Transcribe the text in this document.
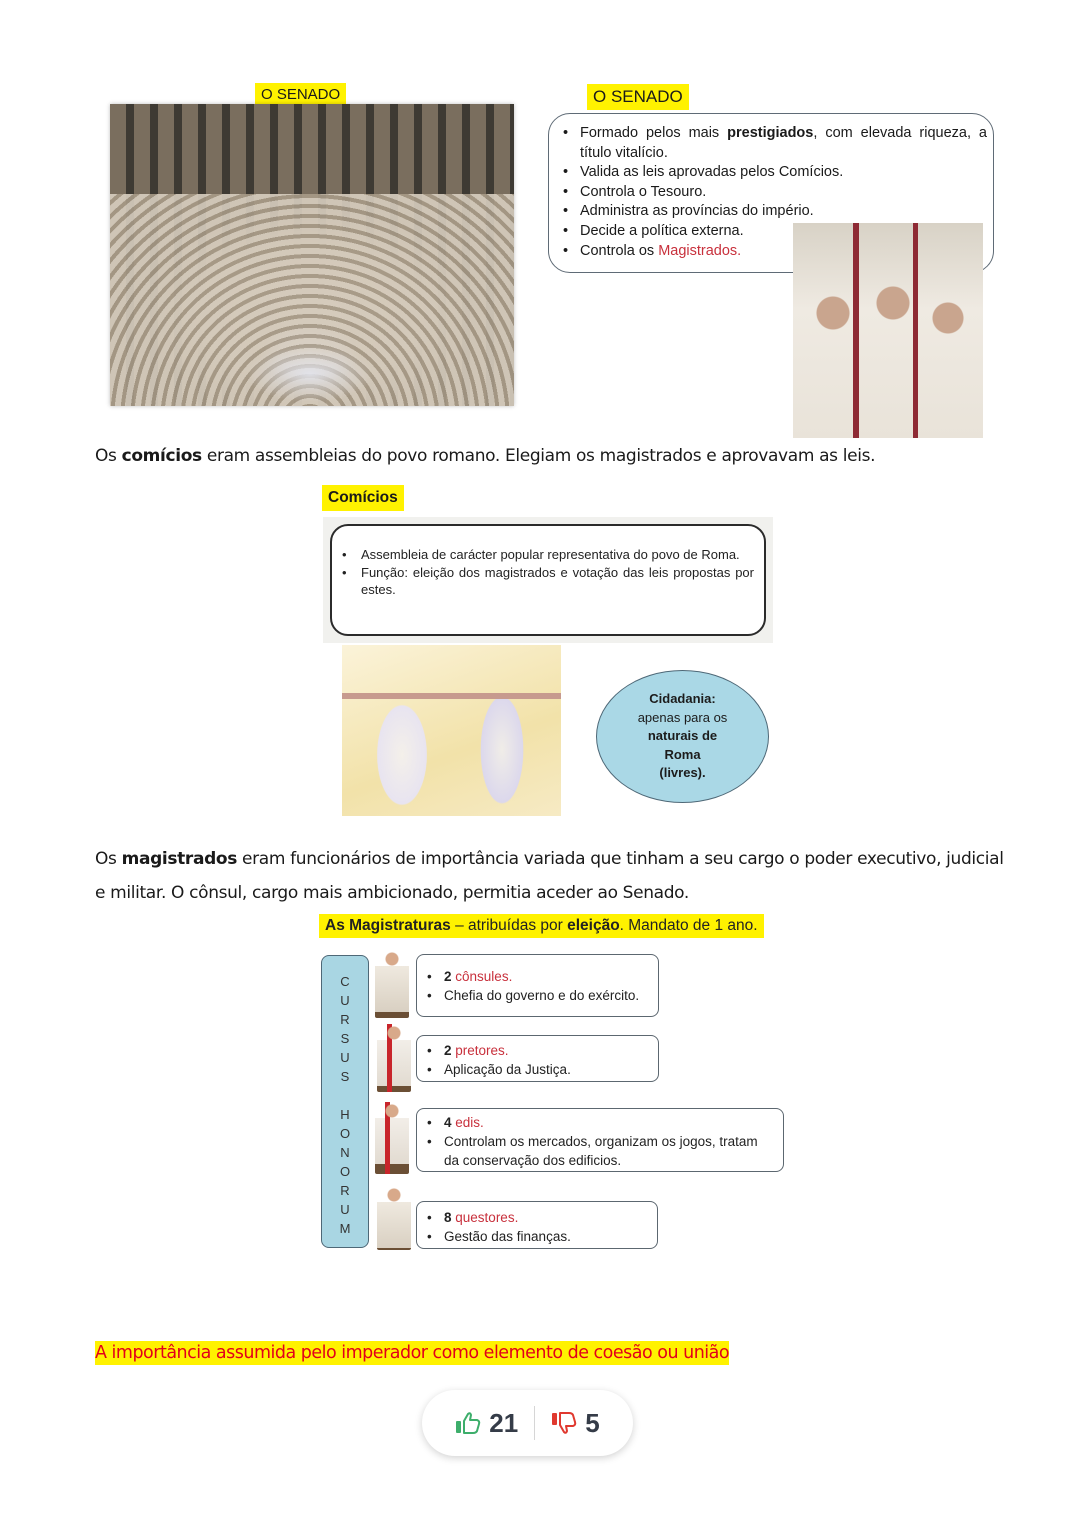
O SENADO	O SENADO
• Formado pelos mais prestigiados, com elevada riqueza, a título vitalício.
• Valida as leis aprovadas pelos Comícios.
• Controla o Tesouro.
• Administra as províncias do império.
• Decide a política externa.
• Controla os Magistrados.
Os comícios eram assembleias do povo romano. Elegiam os magistrados e aprovavam as leis.
Comícios
• Assembleia de carácter popular representativa do povo de Roma.
• Função: eleição dos magistrados e votação das leis propostas por estes.
Cidadania:
apenas para os
naturais de
Roma
(livres).
Os magistrados eram funcionários de importância variada que tinham a seu cargo o poder executivo, judicial
e militar. O cônsul, cargo mais ambicionado, permitia aceder ao Senado.
As Magistraturas – atribuídas por eleição. Mandato de 1 ano.
C
U
R
S
U
S
H
O
N
O
R
U
M
• 2 cônsules.
• Chefia do governo e do exército.
• 2 pretores.
• Aplicação da Justiça.
• 4 edis.
• Controlam os mercados, organizam os jogos, tratam da conservação dos edificios.
• 8 questores.
• Gestão das finanças.
A importância assumida pelo imperador como elemento de coesão ou união
21	5
